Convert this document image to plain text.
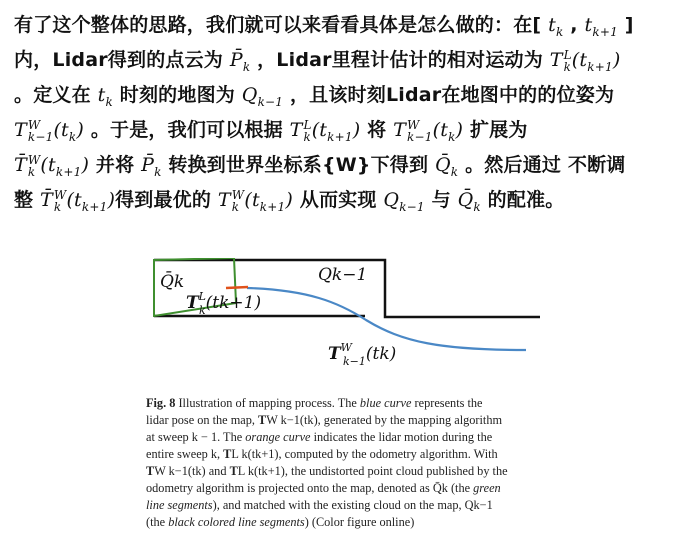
有了这个整体的思路，我们就可以来看看具体是怎么做的：在[ $t_k$ , $t_{k+1}$ ]
内，Lidar得到的点云为 $P̄_k$ ，Lidar里程计估计的相对运动为 T L
k $(t_{k+1})$
。定义在 $t_k$ 时刻的地图为 $Q_{k-1}$ ，且该时刻Lidar在地图中的的位姿为
T W
k−1 $(t_k)$ 。于是，我们可以根据 T L
k $(t_{k+1})$ 将 T W
k−1 $(t_k)$ 扩展为
T̄ W
k $(t_{k+1})$ 并将 $P̄_k$ 转换到世界坐标系{W}下得到 $Q̄_k$ 。然后通过 不断调
整 T̄ W
k $(t_{k+1})$得到最优的 T W
k $(t_{k+1})$ 从而实现 $Q_{k-1}$ 与 $Q̄_k$ 的配准。
Q̄k	Qk−1
$T^L$ k(tk+1)
$T^W$ k−1(tk)
Fig. 8 Illustration of mapping process. The blue curve represents the
lidar pose on the map, TW k−1(tk), generated by the mapping algorithm
at sweep k − 1. The orange curve indicates the lidar motion during the
entire sweep k, TL k(tk+1), computed by the odometry algorithm. With
TW k−1(tk) and TL k(tk+1), the undistorted point cloud published by the
odometry algorithm is projected onto the map, denoted as Q̄k (the green
line segments), and matched with the existing cloud on the map, Qk−1
(the black colored line segments) (Color figure online)
